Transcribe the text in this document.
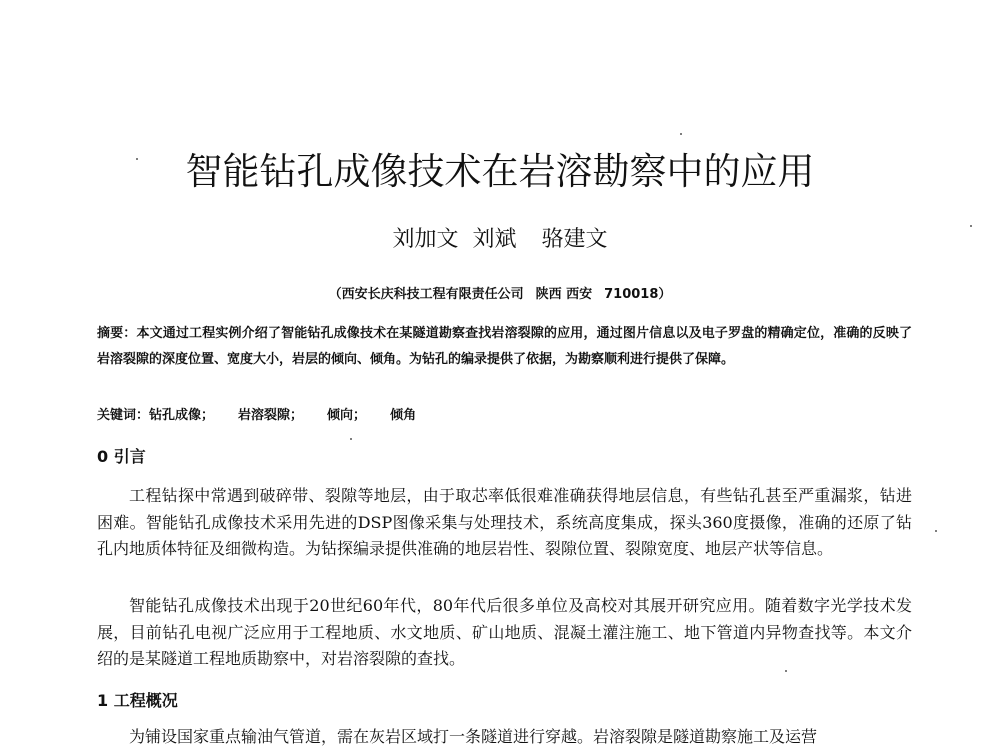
智能钻孔成像技术在岩溶勘察中的应用
刘加文 刘斌 骆建文
（西安长庆科技工程有限责任公司 陕西 西安 710018）
摘要：本文通过工程实例介绍了智能钻孔成像技术在某隧道勘察查找岩溶裂隙的应用，通过图片信息以及电子罗盘的精确定位，准确的反映了岩溶裂隙的深度位置、宽度大小，岩层的倾向、倾角。为钻孔的编录提供了依据，为勘察顺利进行提供了保障。
关键词：钻孔成像； 岩溶裂隙； 倾向； 倾角
0 引言
工程钻探中常遇到破碎带、裂隙等地层，由于取芯率低很难准确获得地层信息，有些钻孔甚至严重漏浆，钻进困难。智能钻孔成像技术采用先进的DSP图像采集与处理技术，系统高度集成，探头360度摄像，准确的还原了钻孔内地质体特征及细微构造。为钻探编录提供准确的地层岩性、裂隙位置、裂隙宽度、地层产状等信息。
智能钻孔成像技术出现于20世纪60年代，80年代后很多单位及高校对其展开研究应用。随着数字光学技术发展，目前钻孔电视广泛应用于工程地质、水文地质、矿山地质、混凝土灌注施工、地下管道内异物查找等。本文介绍的是某隧道工程地质勘察中，对岩溶裂隙的查找。
1 工程概况
为铺设国家重点输油气管道，需在灰岩区域打一条隧道进行穿越。岩溶裂隙是隧道勘察施工及运营
